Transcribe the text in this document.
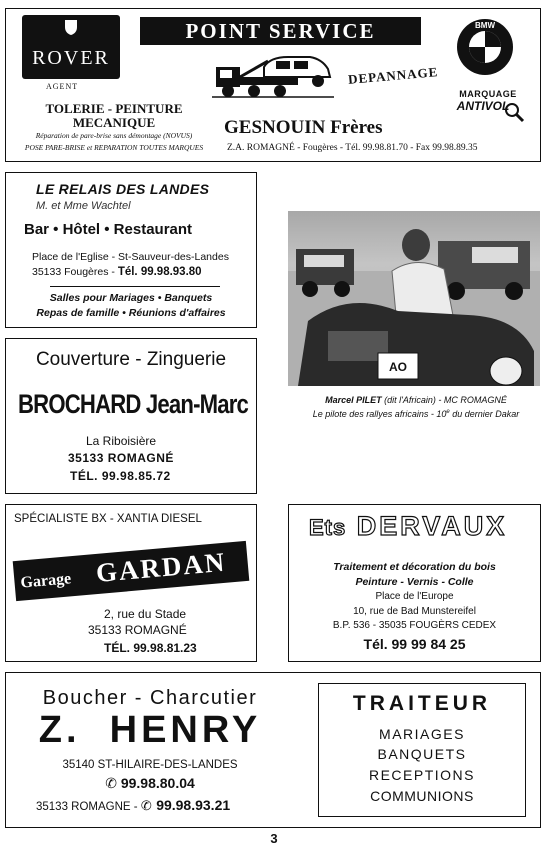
ROVER
AGENT
POINT SERVICE
DEPANNAGE
BMW
MARQUAGE
ANTIVOL
TOLERIE - PEINTURE
MECANIQUE
Réparation de pare-brise sans démontage (NOVUS)
POSE PARE-BRISE et REPARATION TOUTES MARQUES
GESNOUIN Frères
Z.A. ROMAGNÉ - Fougères - Tél. 99.98.81.70 - Fax 99.98.89.35
LE RELAIS DES LANDES
M. et Mme Wachtel
Bar • Hôtel • Restaurant
Place de l'Eglise - St-Sauveur-des-Landes
35133 Fougères - Tél. 99.98.93.80
Salles pour Mariages • Banquets
Repas de famille • Réunions d'affaires
AO
Marcel PILET (dit l'Africain) - MC ROMAGNÉ
Le pilote des rallyes africains - 10e du dernier Dakar
Couverture - Zinguerie
BROCHARD Jean-Marc
La Riboisière
35133 ROMAGNÉ
TÉL. 99.98.85.72
SPÉCIALISTE BX - XANTIA DIESEL
Garage GARDAN
2, rue du Stade
35133 ROMAGNÉ
TÉL. 99.98.81.23
Ets DERVAUX
Traitement et décoration du bois
Peinture - Vernis - Colle
Place de l'Europe
10, rue de Bad Munstereifel
B.P. 536 - 35035 FOUGÈRS CEDEX
Tél. 99 99 84 25
Boucher - Charcutier
Z.  HENRY
35140 ST-HILAIRE-DES-LANDES
✆ 99.98.80.04
35133 ROMAGNE - ✆ 99.98.93.21
TRAITEUR
MARIAGES
BANQUETS
RECEPTIONS
COMMUNIONS
3
